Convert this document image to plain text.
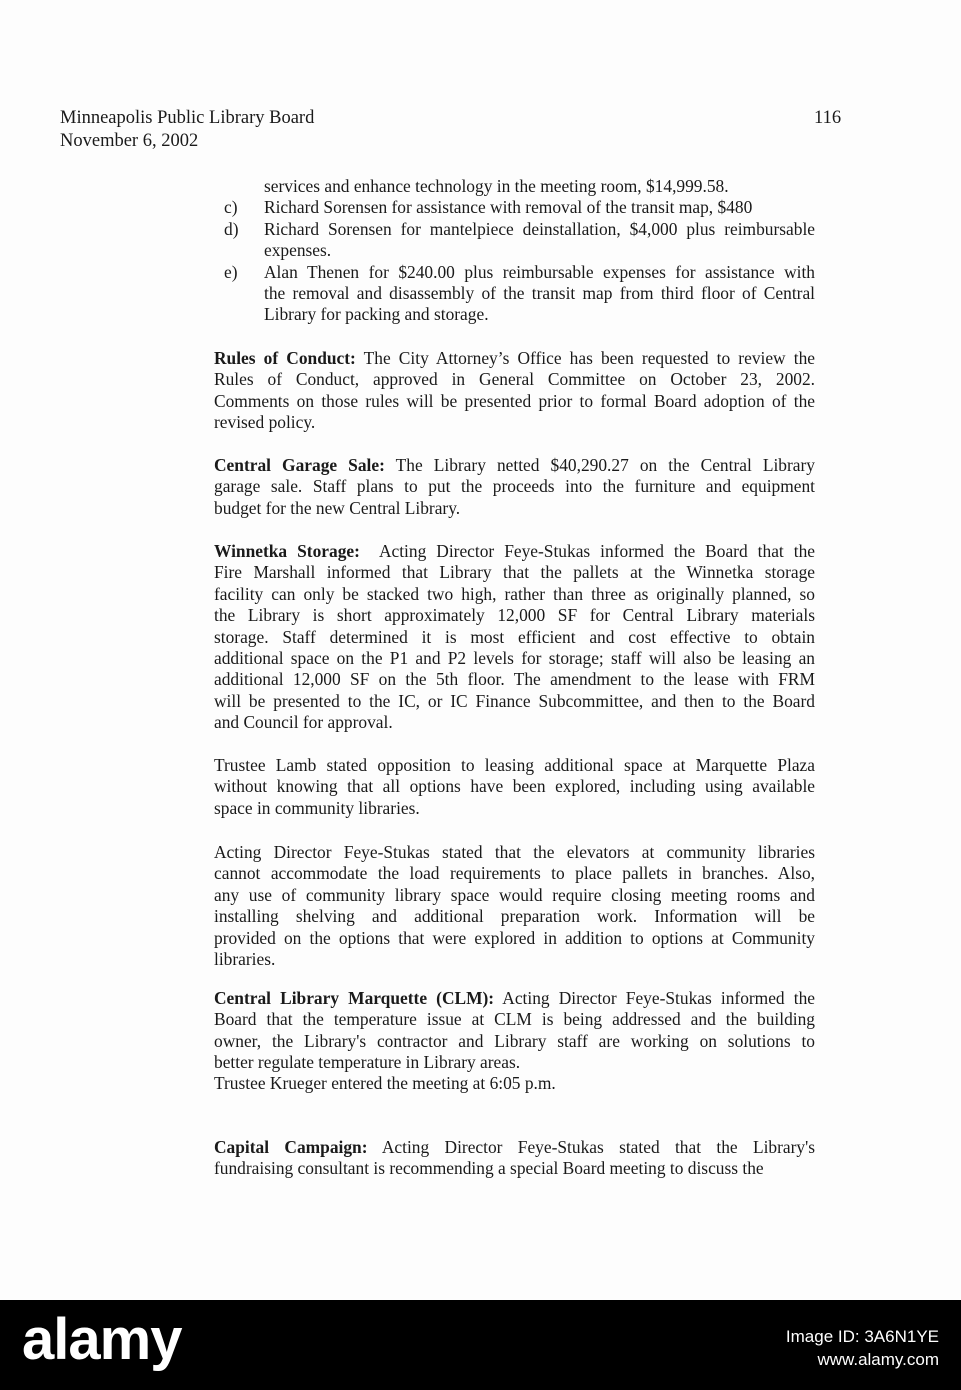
Minneapolis Public Library Board
November 6, 2002
116
services and enhance technology in the meeting room, $14,999.58.
c) Richard Sorensen for assistance with removal of the transit map, $480
d) Richard Sorensen for mantelpiece deinstallation, $4,000 plus reimbursable
expenses.
e) Alan Thenen for $240.00 plus reimbursable expenses for assistance with
the removal and disassembly of the transit map from third floor of Central
Library for packing and storage.
Rules of Conduct: The City Attorney’s Office has been requested to review the
Rules of Conduct, approved in General Committee on October 23, 2002.
Comments on those rules will be presented prior to formal Board adoption of the
revised policy.
Central Garage Sale: The Library netted $40,290.27 on the Central Library
garage sale. Staff plans to put the proceeds into the furniture and equipment
budget for the new Central Library.
Winnetka Storage:  Acting Director Feye-Stukas informed the Board that the
Fire Marshall informed that Library that the pallets at the Winnetka storage
facility can only be stacked two high, rather than three as originally planned, so
the Library is short approximately 12,000 SF for Central Library materials
storage. Staff determined it is most efficient and cost effective to obtain
additional space on the P1 and P2 levels for storage; staff will also be leasing an
additional 12,000 SF on the 5th floor. The amendment to the lease with FRM
will be presented to the IC, or IC Finance Subcommittee, and then to the Board
and Council for approval.
Trustee Lamb stated opposition to leasing additional space at Marquette Plaza
without knowing that all options have been explored, including using available
space in community libraries.
Acting Director Feye-Stukas stated that the elevators at community libraries
cannot accommodate the load requirements to place pallets in branches. Also,
any use of community library space would require closing meeting rooms and
installing shelving and additional preparation work. Information will be
provided on the options that were explored in addition to options at Community
libraries.
Central Library Marquette (CLM): Acting Director Feye-Stukas informed the
Board that the temperature issue at CLM is being addressed and the building
owner, the Library's contractor and Library staff are working on solutions to
better regulate temperature in Library areas.
Trustee Krueger entered the meeting at 6:05 p.m.
Capital Campaign: Acting Director Feye-Stukas stated that the Library's
fundraising consultant is recommending a special Board meeting to discuss the
alamy	Image ID: 3A6N1YE
www.alamy.com
